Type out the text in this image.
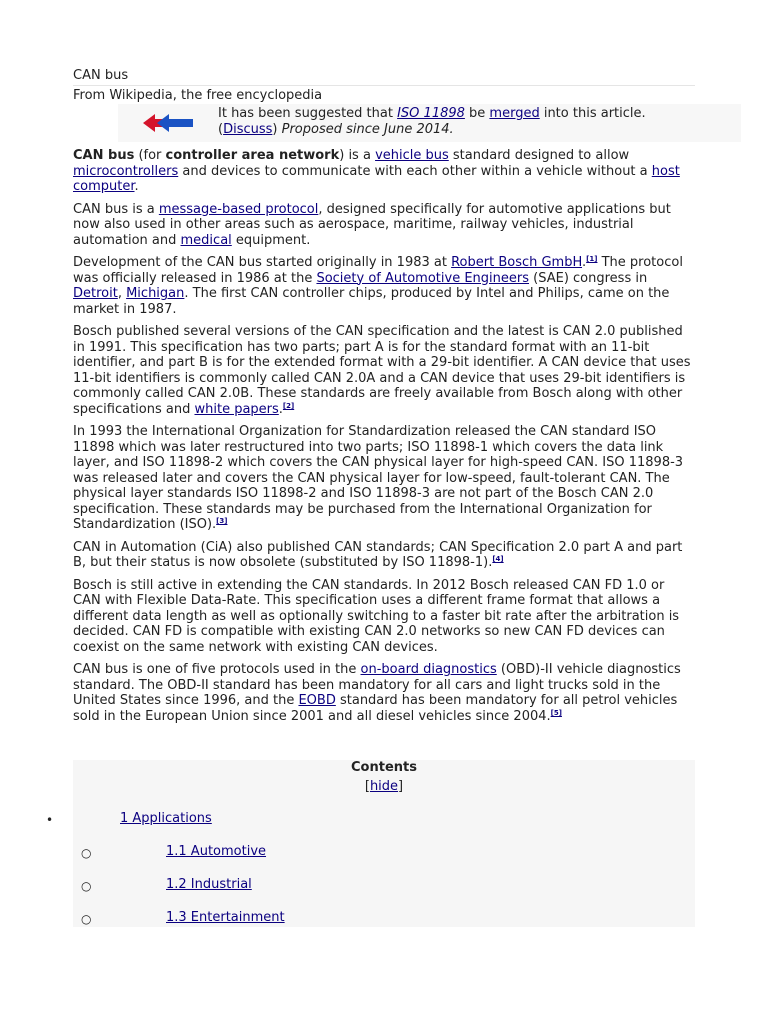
CAN bus
From Wikipedia, the free encyclopedia
It has been suggested that ISO 11898 be merged into this article.
(Discuss) Proposed since June 2014.

CAN bus (for controller area network) is a vehicle bus standard designed to allow microcontrollers and devices to communicate with each other within a vehicle without a host computer.

CAN bus is a message-based protocol, designed specifically for automotive applications but now also used in other areas such as aerospace, maritime, railway vehicles, industrial automation and medical equipment.

Development of the CAN bus started originally in 1983 at Robert Bosch GmbH.[1] The protocol was officially released in 1986 at the Society of Automotive Engineers (SAE) congress in Detroit, Michigan. The first CAN controller chips, produced by Intel and Philips, came on the market in 1987.

Bosch published several versions of the CAN specification and the latest is CAN 2.0 published in 1991. This specification has two parts; part A is for the standard format with an 11-bit identifier, and part B is for the extended format with a 29-bit identifier. A CAN device that uses 11-bit identifiers is commonly called CAN 2.0A and a CAN device that uses 29-bit identifiers is commonly called CAN 2.0B. These standards are freely available from Bosch along with other specifications and white papers.[2]

In 1993 the International Organization for Standardization released the CAN standard ISO 11898 which was later restructured into two parts; ISO 11898-1 which covers the data link layer, and ISO 11898-2 which covers the CAN physical layer for high-speed CAN. ISO 11898-3 was released later and covers the CAN physical layer for low-speed, fault-tolerant CAN. The physical layer standards ISO 11898-2 and ISO 11898-3 are not part of the Bosch CAN 2.0 specification. These standards may be purchased from the International Organization for Standardization (ISO).[3]

CAN in Automation (CiA) also published CAN standards; CAN Specification 2.0 part A and part B, but their status is now obsolete (substituted by ISO 11898-1).[4]

Bosch is still active in extending the CAN standards. In 2012 Bosch released CAN FD 1.0 or CAN with Flexible Data-Rate. This specification uses a different frame format that allows a different data length as well as optionally switching to a faster bit rate after the arbitration is decided. CAN FD is compatible with existing CAN 2.0 networks so new CAN FD devices can coexist on the same network with existing CAN devices.

CAN bus is one of five protocols used in the on-board diagnostics (OBD)-II vehicle diagnostics standard. The OBD-II standard has been mandatory for all cars and light trucks sold in the United States since 1996, and the EOBD standard has been mandatory for all petrol vehicles sold in the European Union since 2001 and all diesel vehicles since 2004.[5]

Contents
[hide]
•	1 Applications
○	1.1 Automotive
○	1.2 Industrial
○	1.3 Entertainment
